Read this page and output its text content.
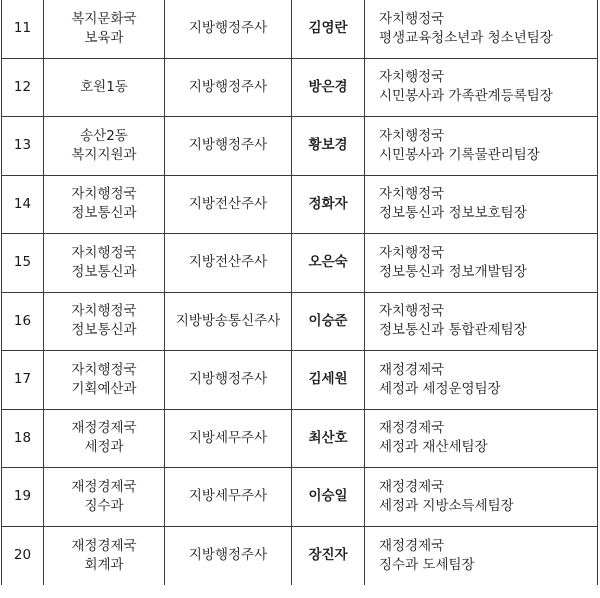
11	복지문화국
보육과	지방행정주사	김영란	자치행정국
평생교육청소년과 청소년팀장

12	호원1동	지방행정주사	방은경	자치행정국
시민봉사과 가족관계등록팀장

13	송산2동
복지지원과	지방행정주사	황보경	자치행정국
시민봉사과 기록물관리팀장

14	자치행정국
정보통신과	지방전산주사	정화자	자치행정국
정보통신과 정보보호팀장

15	자치행정국
정보통신과	지방전산주사	오은숙	자치행정국
정보통신과 정보개발팀장

16	자치행정국
정보통신과	지방방송통신주사	이승준	자치행정국
정보통신과 통합관제팀장

17	자치행정국
기획예산과	지방행정주사	김세원	재정경제국
세정과 세정운영팀장

18	재정경제국
세정과	지방세무주사	최산호	재정경제국
세정과 재산세팀장

19	재정경제국
징수과	지방세무주사	이승일	재정경제국
세정과 지방소득세팀장

20	재정경제국
회계과	지방행정주사	장진자	재정경제국
징수과 도세팀장
